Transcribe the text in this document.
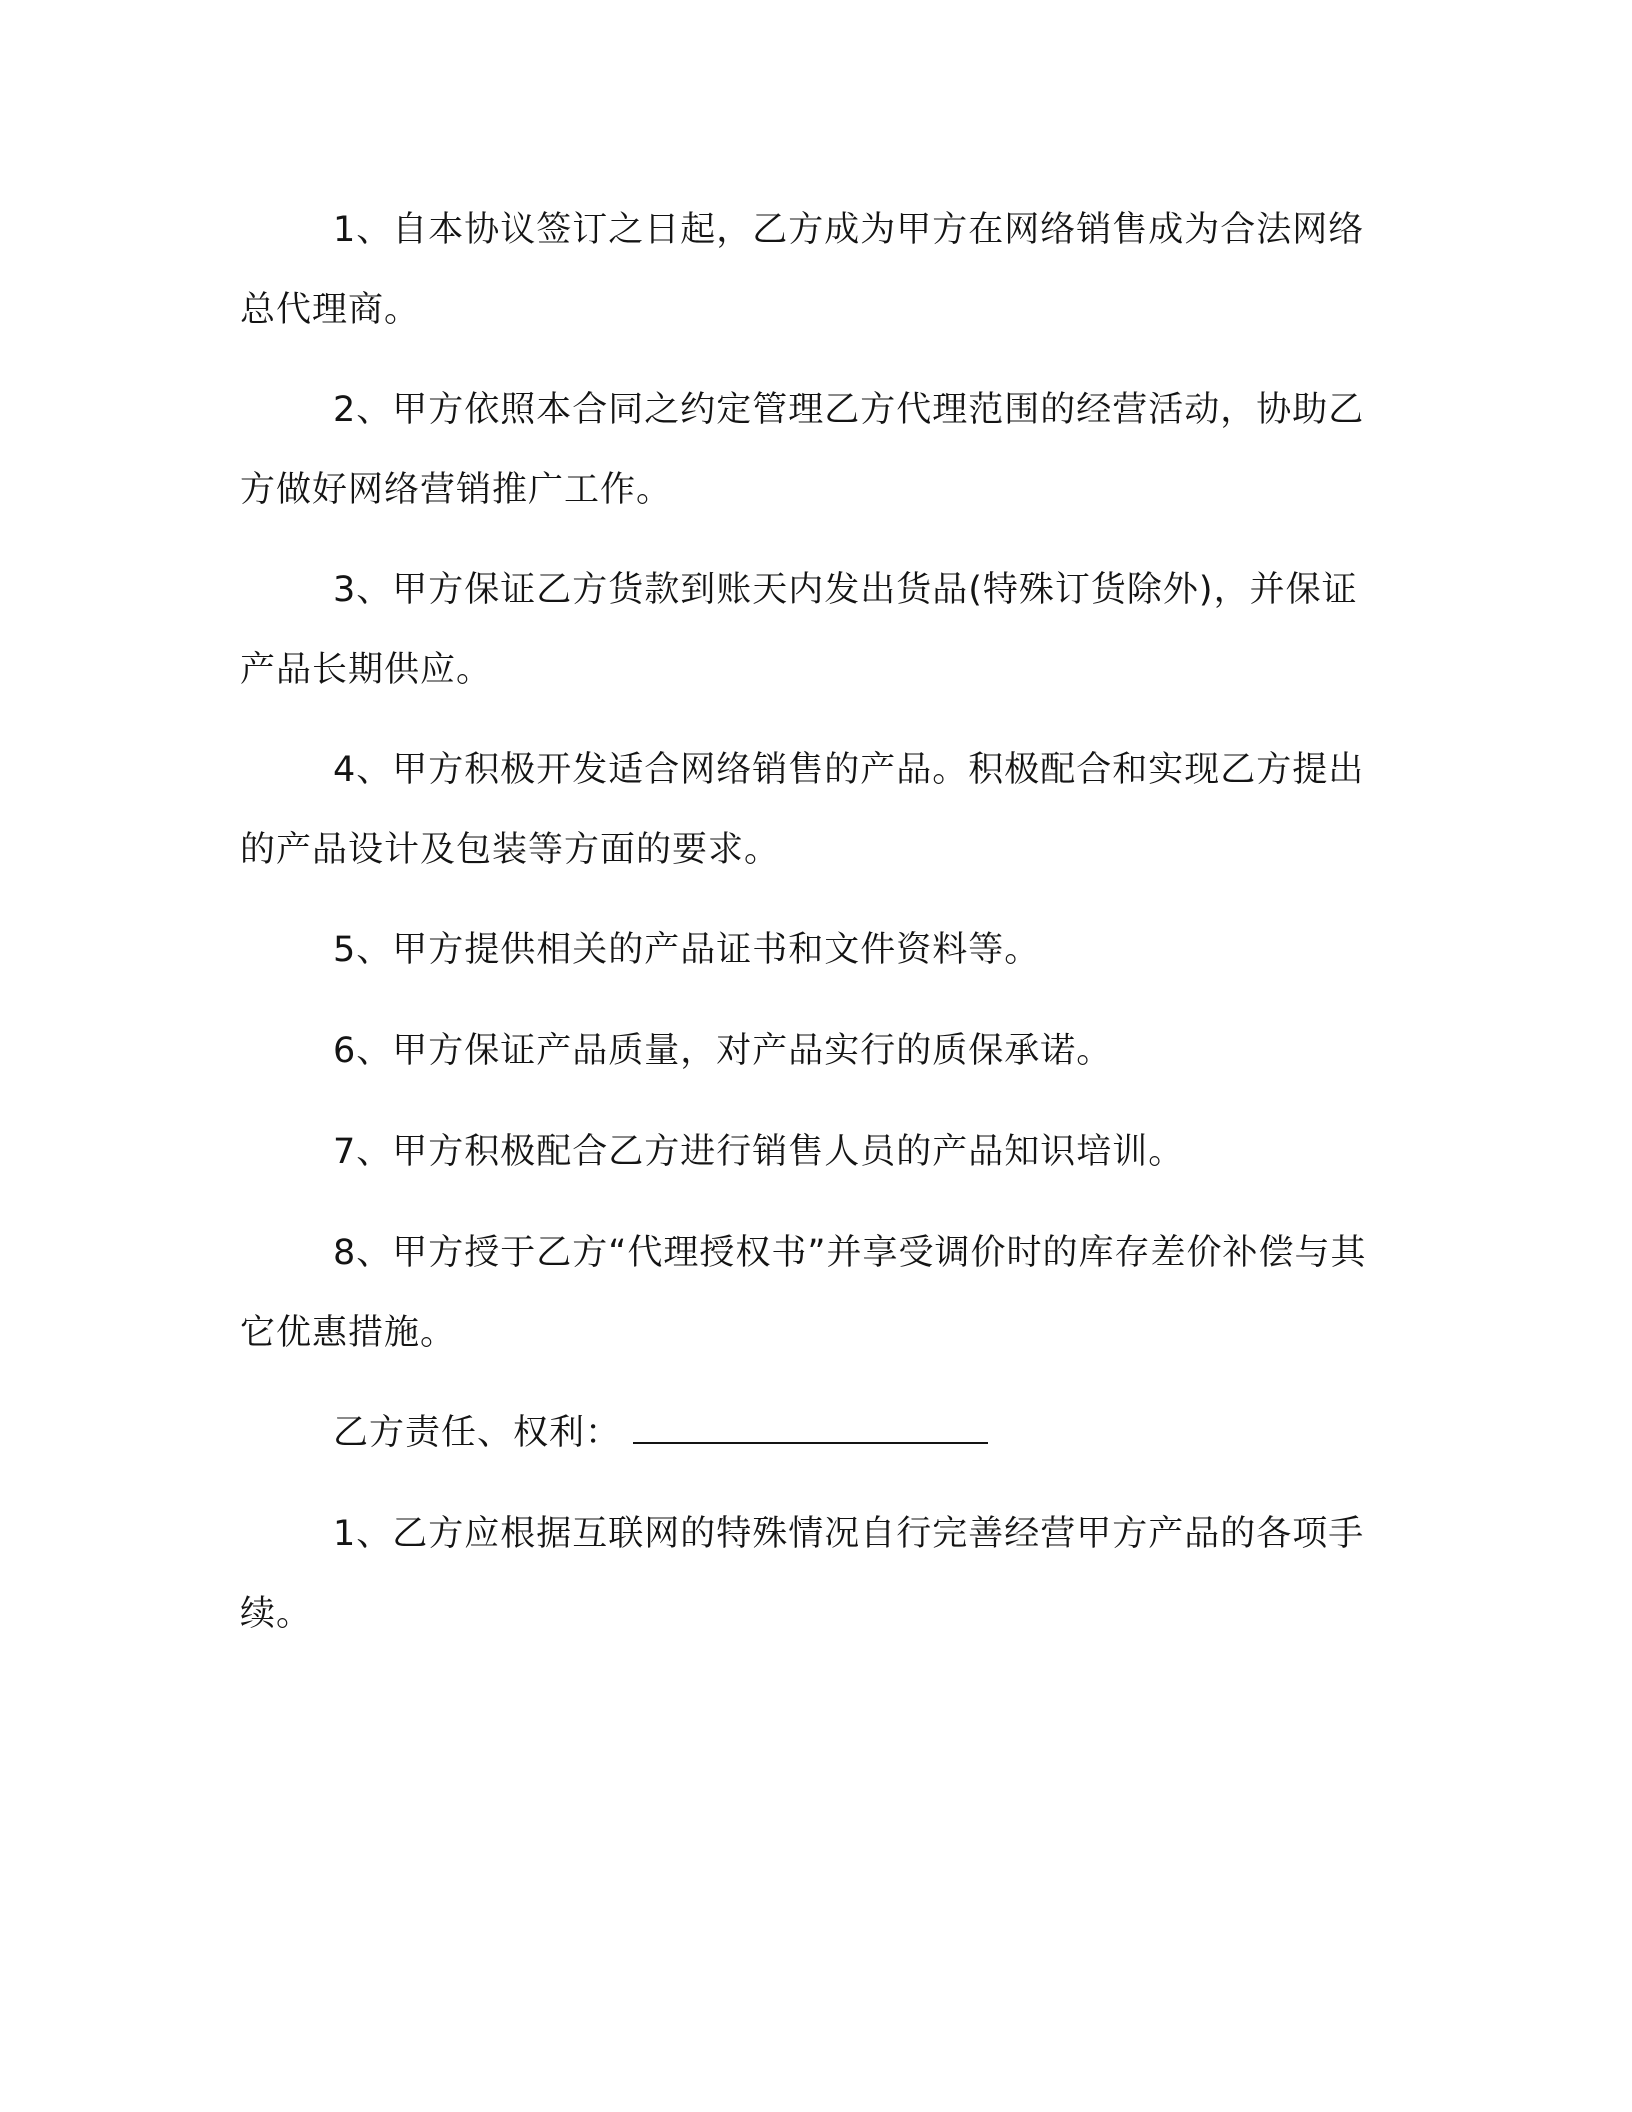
1、自本协议签订之日起，乙方成为甲方在网络销售成为合法网络总代理商。

2、甲方依照本合同之约定管理乙方代理范围的经营活动，协助乙方做好网络营销推广工作。

3、甲方保证乙方货款到账天内发出货品(特殊订货除外)，并保证产品长期供应。

4、甲方积极开发适合网络销售的产品。积极配合和实现乙方提出的产品设计及包装等方面的要求。

5、甲方提供相关的产品证书和文件资料等。

6、甲方保证产品质量，对产品实行的质保承诺。

7、甲方积极配合乙方进行销售人员的产品知识培训。

8、甲方授于乙方“代理授权书”并享受调价时的库存差价补偿与其它优惠措施。

乙方责任、权利：

1、乙方应根据互联网的特殊情况自行完善经营甲方产品的各项手续。
